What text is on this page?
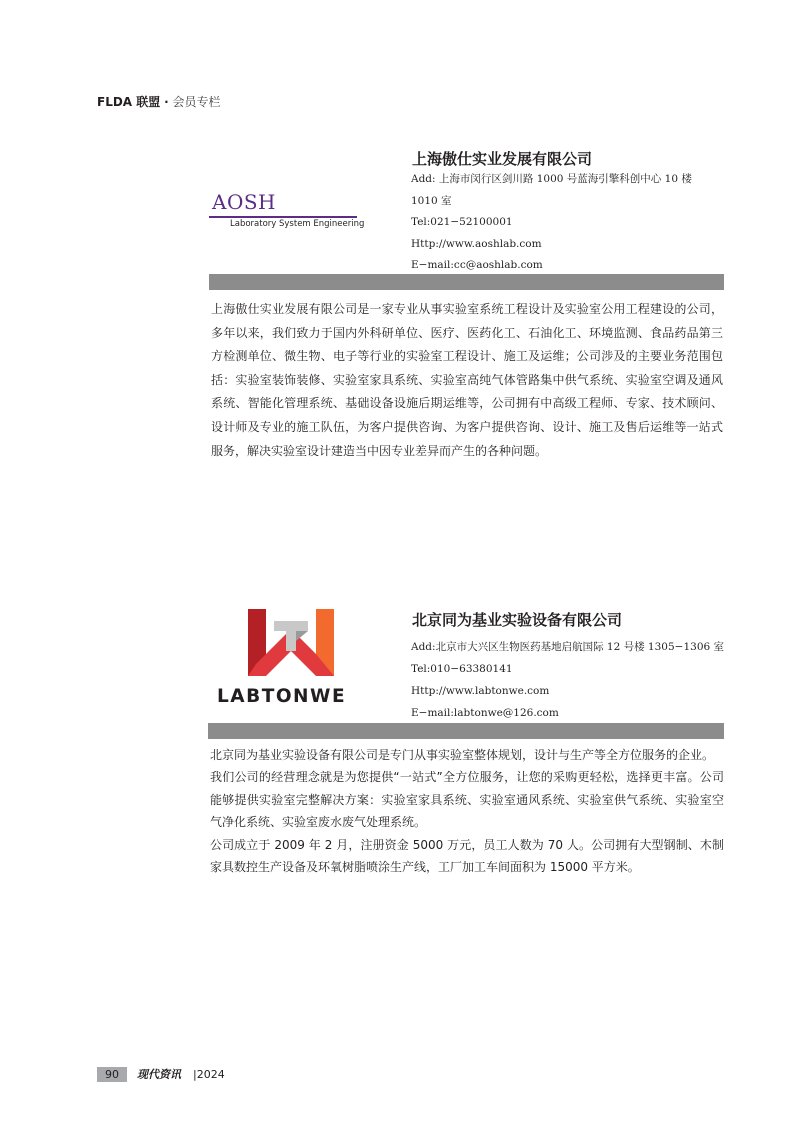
FLDA 联盟 · 会员专栏
AOSH
Laboratory System Engineering
上海傲仕实业发展有限公司
Add: 上海市闵行区剑川路 1000 号蓝海引擎科创中心 10 楼
1010 室
Tel:021−52100001
Http://www.aoshlab.com
E−mail:cc@aoshlab.com

上海傲仕实业发展有限公司是一家专业从事实验室系统工程设计及实验室公用工程建设的公司，多年以来，我们致力于国内外科研单位、医疗、医药化工、石油化工、环境监测、食品药品第三方检测单位、微生物、电子等行业的实验室工程设计、施工及运维；公司涉及的主要业务范围包括：实验室装饰装修、实验室家具系统、实验室高纯气体管路集中供气系统、实验室空调及通风系统、智能化管理系统、基础设备设施后期运维等，公司拥有中高级工程师、专家、技术顾问、设计师及专业的施工队伍，为客户提供咨询、为客户提供咨询、设计、施工及售后运维等一站式服务，解决实验室设计建造当中因专业差异而产生的各种问题。

LABTONWE
北京同为基业实验设备有限公司
Add:北京市大兴区生物医药基地启航国际 12 号楼 1305−1306 室
Tel:010−63380141
Http://www.labtonwe.com
E−mail:labtonwe@126.com

北京同为基业实验设备有限公司是专门从事实验室整体规划，设计与生产等全方位服务的企业。

我们公司的经营理念就是为您提供“一站式”全方位服务，让您的采购更轻松，选择更丰富。公司能够提供实验室完整解决方案：实验室家具系统、实验室通风系统、实验室供气系统、实验室空气净化系统、实验室废水废气处理系统。

公司成立于 2009 年 2 月，注册资金 5000 万元，员工人数为 70 人。公司拥有大型钢制、木制家具数控生产设备及环氧树脂喷涂生产线，工厂加工车间面积为 15000 平方米。

90	现代资讯 |2024
